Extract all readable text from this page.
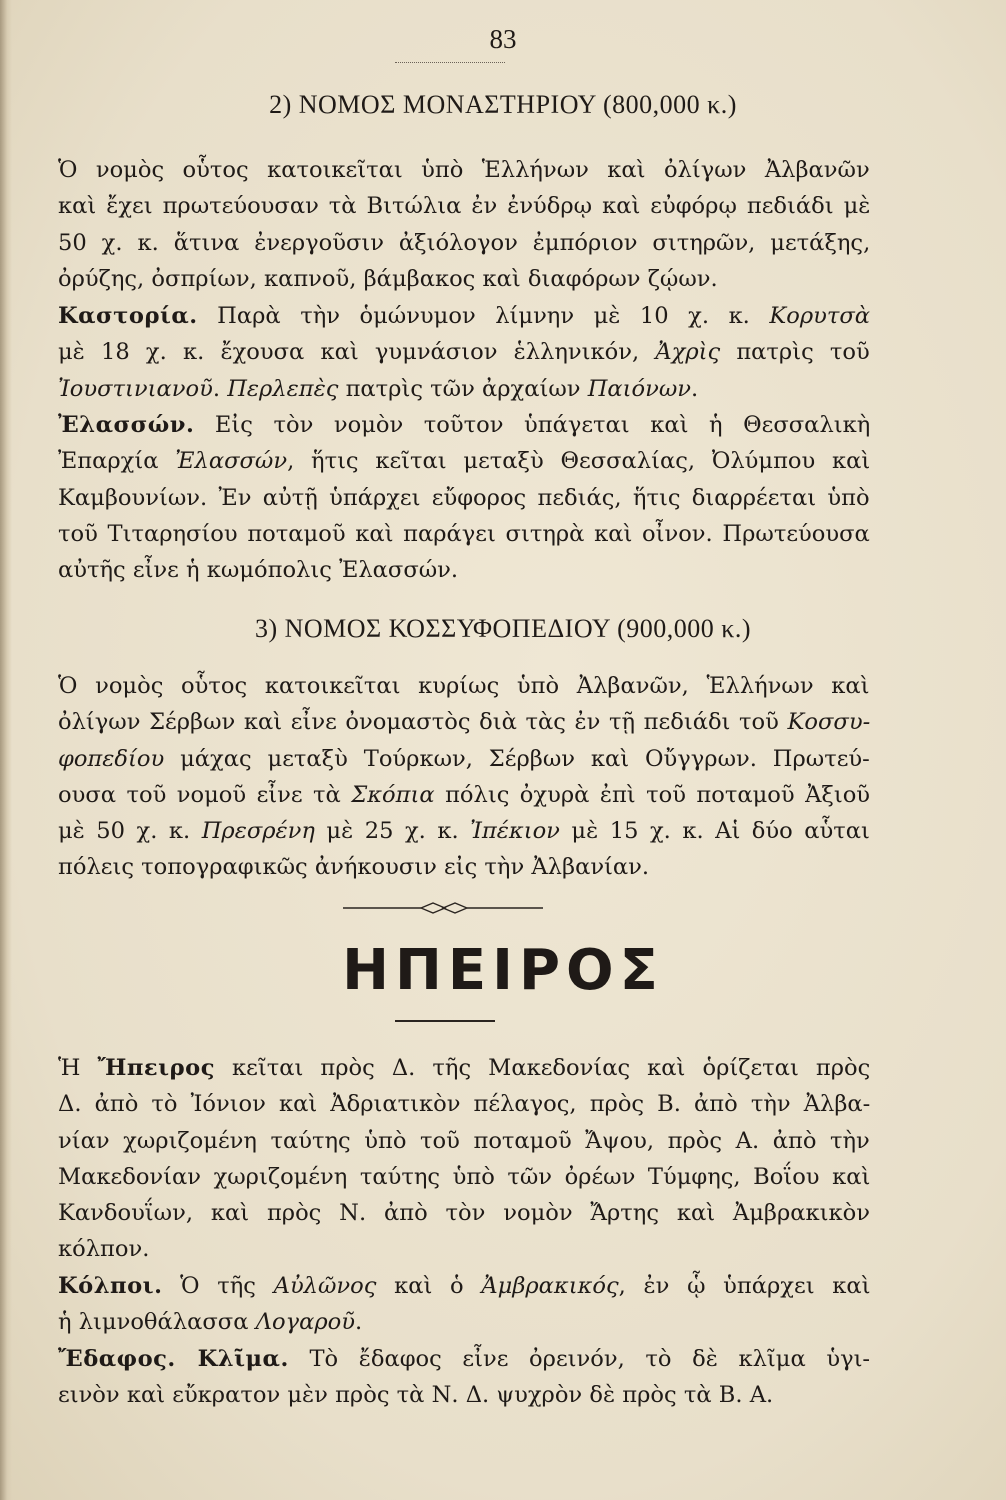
83
2) ΝΟΜΟΣ ΜΟΝΑΣΤΗΡΙΟΥ (800,000 κ.)
Ὁ νομὸς οὗτος κατοικεῖται ὑπὸ Ἑλλήνων καὶ ὀλίγων Ἀλβανῶν
καὶ ἔχει πρωτεύουσαν τὰ Βιτώλια ἐν ἐνύδρῳ καὶ εὐφόρῳ πεδιάδι μὲ
50 χ. κ. ἅτινα ἐνεργοῦσιν ἀξιόλογον ἐμπόριον σιτηρῶν, μετάξης,
ὀρύζης, ὀσπρίων, καπνοῦ, βάμβακος καὶ διαφόρων ζῴων.
Καστορία. Παρὰ τὴν ὁμώνυμον λίμνην μὲ 10 χ. κ. Κορυτσὰ
μὲ 18 χ. κ. ἔχουσα καὶ γυμνάσιον ἑλληνικόν, Ἀχρὶς πατρὶς τοῦ
Ἰουστινιανοῦ. Περλεπὲς πατρὶς τῶν ἀρχαίων Παιόνων.
Ἐλασσών. Εἰς τὸν νομὸν τοῦτον ὑπάγεται καὶ ἡ Θεσσαλικὴ
Ἐπαρχία Ἐλασσών, ἥτις κεῖται μεταξὺ Θεσσαλίας, Ὀλύμπου καὶ
Καμβουνίων. Ἐν αὐτῇ ὑπάρχει εὔφορος πεδιάς, ἥτις διαρρέεται ὑπὸ
τοῦ Τιταρησίου ποταμοῦ καὶ παράγει σιτηρὰ καὶ οἶνον. Πρωτεύουσα
αὐτῆς εἶνε ἡ κωμόπολις Ἐλασσών.
3) ΝΟΜΟΣ ΚΟΣΣΥΦΟΠΕΔΙΟΥ (900,000 κ.)
Ὁ νομὸς οὗτος κατοικεῖται κυρίως ὑπὸ Ἀλβανῶν, Ἑλλήνων καὶ
ὀλίγων Σέρβων καὶ εἶνε ὀνομαστὸς διὰ τὰς ἐν τῇ πεδιάδι τοῦ Κοσσυ-
φοπεδίου μάχας μεταξὺ Τούρκων, Σέρβων καὶ Οὔγγρων. Πρωτεύ-
ουσα τοῦ νομοῦ εἶνε τὰ Σκόπια πόλις ὀχυρὰ ἐπὶ τοῦ ποταμοῦ Ἀξιοῦ
μὲ 50 χ. κ. Πρεσρένη μὲ 25 χ. κ. Ἰπέκιον μὲ 15 χ. κ. Αἱ δύο αὗται
πόλεις τοπογραφικῶς ἀνήκουσιν εἰς τὴν Ἀλβανίαν.
ΗΠΕΙΡΟΣ
Ἡ Ἤπειρος κεῖται πρὸς Δ. τῆς Μακεδονίας καὶ ὁρίζεται πρὸς
Δ. ἀπὸ τὸ Ἰόνιον καὶ Ἀδριατικὸν πέλαγος, πρὸς Β. ἀπὸ τὴν Ἀλβα-
νίαν χωριζομένη ταύτης ὑπὸ τοῦ ποταμοῦ Ἄψου, πρὸς Α. ἀπὸ τὴν
Μακεδονίαν χωριζομένη ταύτης ὑπὸ τῶν ὀρέων Τύμφης, Βοΐου καὶ
Κανδουΐων, καὶ πρὸς Ν. ἀπὸ τὸν νομὸν Ἄρτης καὶ Ἀμβρακικὸν
κόλπον.
Κόλποι. Ὁ τῆς Αὐλῶνος καὶ ὁ Ἀμβρακικός, ἐν ᾧ ὑπάρχει καὶ
ἡ λιμνοθάλασσα Λογαροῦ.
Ἔδαφος. Κλῖμα. Τὸ ἔδαφος εἶνε ὀρεινόν, τὸ δὲ κλῖμα ὑγι-
εινὸν καὶ εὔκρατον μὲν πρὸς τὰ Ν. Δ. ψυχρὸν δὲ πρὸς τὰ Β. Α.
